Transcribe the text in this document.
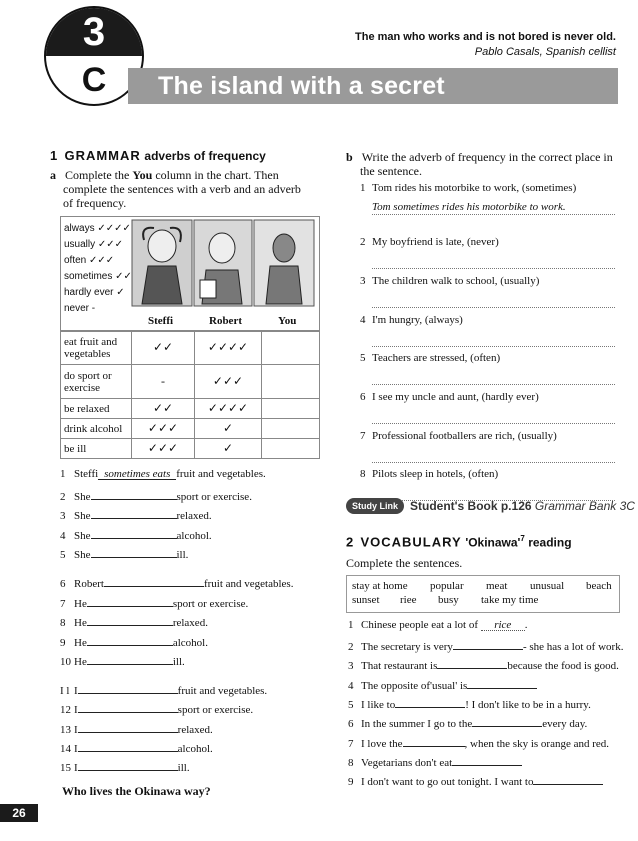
3
C	The island with a secret
The man who works and is not bored is never old.
Pablo Casals, Spanish cellist
1 GRAMMAR adverbs of frequency
a Complete the You column in the chart. Then
complete the sentences with a verb and an adverb
of frequency.
always ✓✓✓✓
usually ✓✓✓
often ✓✓✓
sometimes ✓✓
hardly ever ✓
never -
Steffi	Robert	You
eat fruit and vegetables	✓✓	✓✓✓✓	
do sport or exercise	-	✓✓✓	
be relaxed	✓✓	✓✓✓✓	
drink alcohol	✓✓✓	✓	
be ill	✓✓✓	✓	
1 Steffi sometimes eats fruit and vegetables.
2 She	sport or exercise.
3 She	relaxed.
4 She	alcohol.
5 She	ill.
6 Robert	fruit and vegetables.
7 He	sport or exercise.
8 He	relaxed.
9 He	alcohol.
10 He	ill.
I l I	fruit and vegetables.
12 I	sport or exercise.
13 I	relaxed.
14 I	alcohol.
15 I	ill.
Who lives the Okinawa way?
b Write the adverb of frequency in the correct place in
the sentence.
1 Tom rides his motorbike to work, (sometimes)
Tom sometimes rides his motorbike to work.
2 My boyfriend is late, (never)
3 The children walk to school, (usually)
4 I'm hungry, (always)
5 Teachers are stressed, (often)
6 I see my uncle and aunt, (hardly ever)
7 Professional footballers are rich, (usually)
8 Pilots sleep in hotels, (often)
Study Link	Student's Book p.126 Grammar Bank 3C
2 VOCABULARY '$Okinawa'^7$ reading
Complete the sentences.
stay at home popular meat unusual beach
sunset riee busy take my time
1 Chinese people eat a lot of rice .
2 The secretary is very	- she has a lot of work.
3 That restaurant is	because the food is good.
4 The opposite of'usual' is
5 I like to	! I don't like to be in a hurry.
6 In the summer I go to the	every day.
7 I love the	, when the sky is orange and red.
8 Vegetarians don't eat
9 I don't want to go out tonight. I want to
26
